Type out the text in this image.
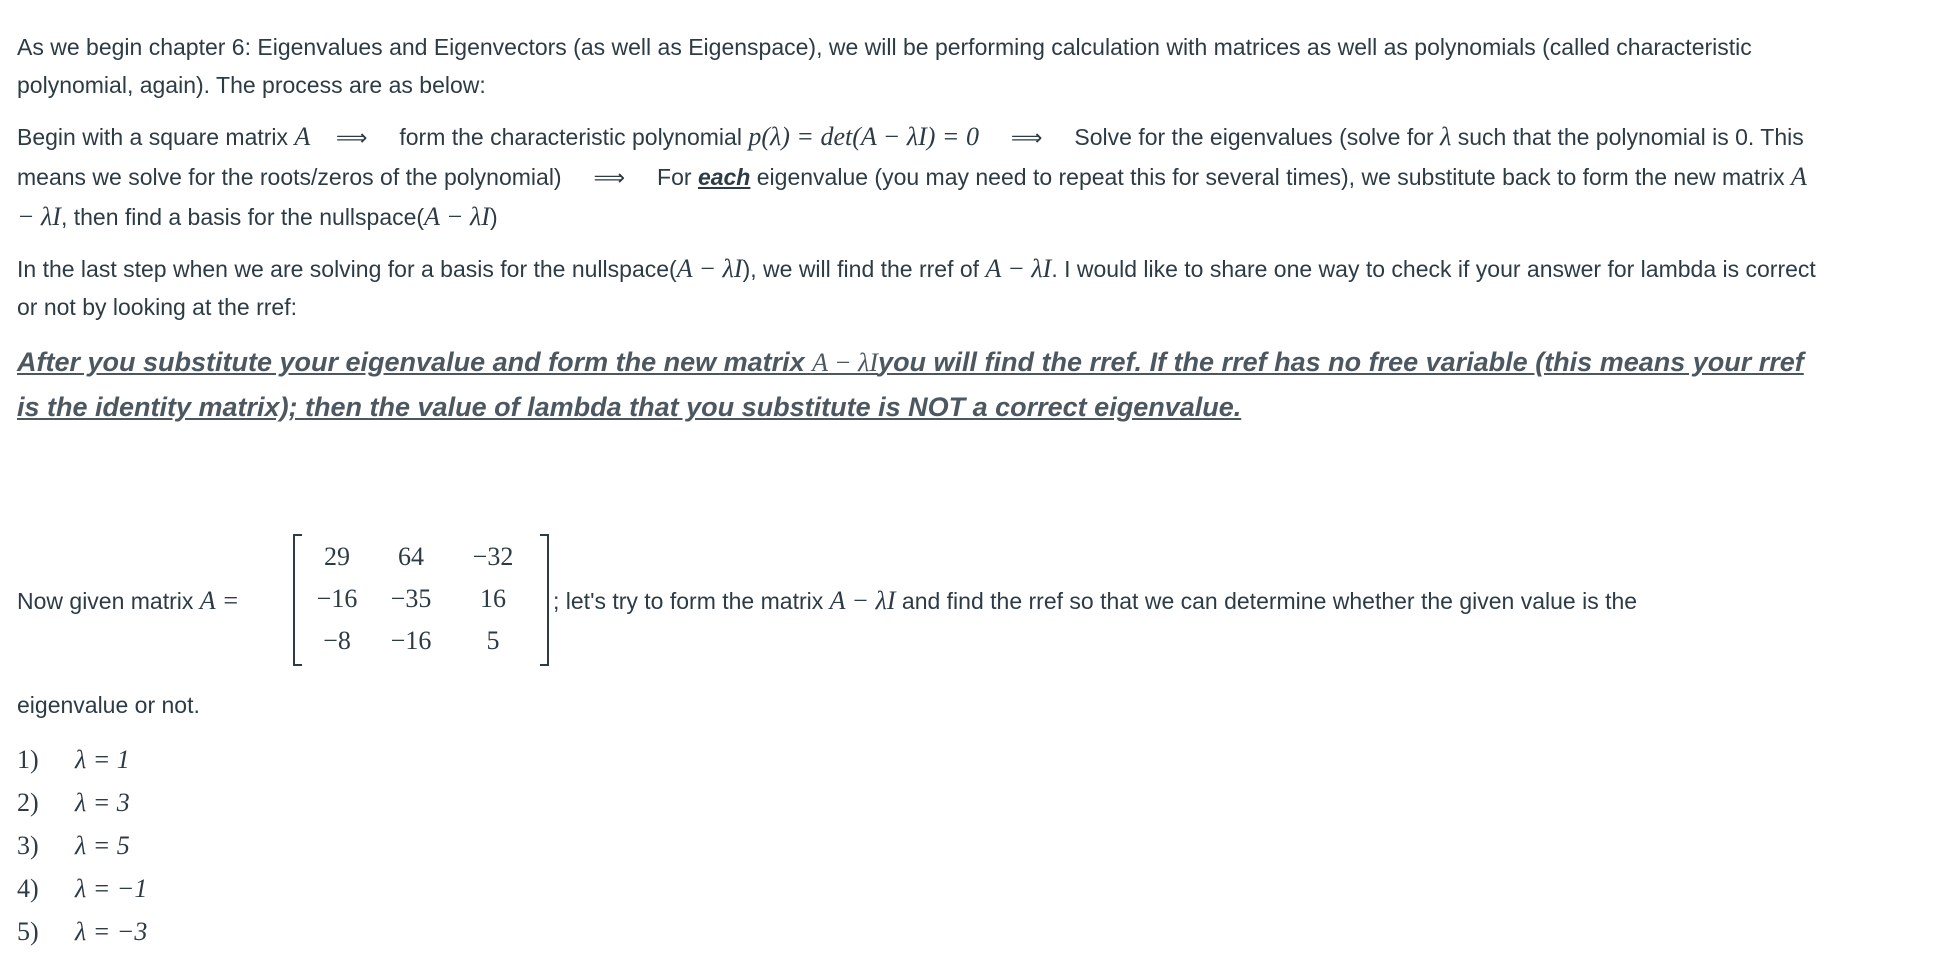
As we begin chapter 6: Eigenvalues and Eigenvectors (as well as Eigenspace), we will be performing calculation with matrices as well as polynomials (called characteristic polynomial, again). The process are as below:

Begin with a square matrix A ⟹ form the characteristic polynomial p(λ) = det(A − λI) = 0 ⟹ Solve for the eigenvalues (solve for λ such that the polynomial is 0. This means we solve for the roots/zeros of the polynomial) ⟹ For each eigenvalue (you may need to repeat this for several times), we substitute back to form the new matrix A − λI, then find a basis for the nullspace(A − λI)

In the last step when we are solving for a basis for the nullspace(A − λI), we will find the rref of A − λI. I would like to share one way to check if your answer for lambda is correct or not by looking at the rref:

After you substitute your eigenvalue and form the new matrix A − λIyou will find the rref. If the rref has no free variable (this means your rref is the identity matrix); then the value of lambda that you substitute is NOT a correct eigenvalue.

Now given matrix A =
29	64	−32
−16	−35	16
−8	−16	5
; let's try to form the matrix A − λI and find the rref so that we can determine whether the given value is the
eigenvalue or not.
1) λ = 1
2) λ = 3
3) λ = 5
4) λ = −1
5) λ = −3
